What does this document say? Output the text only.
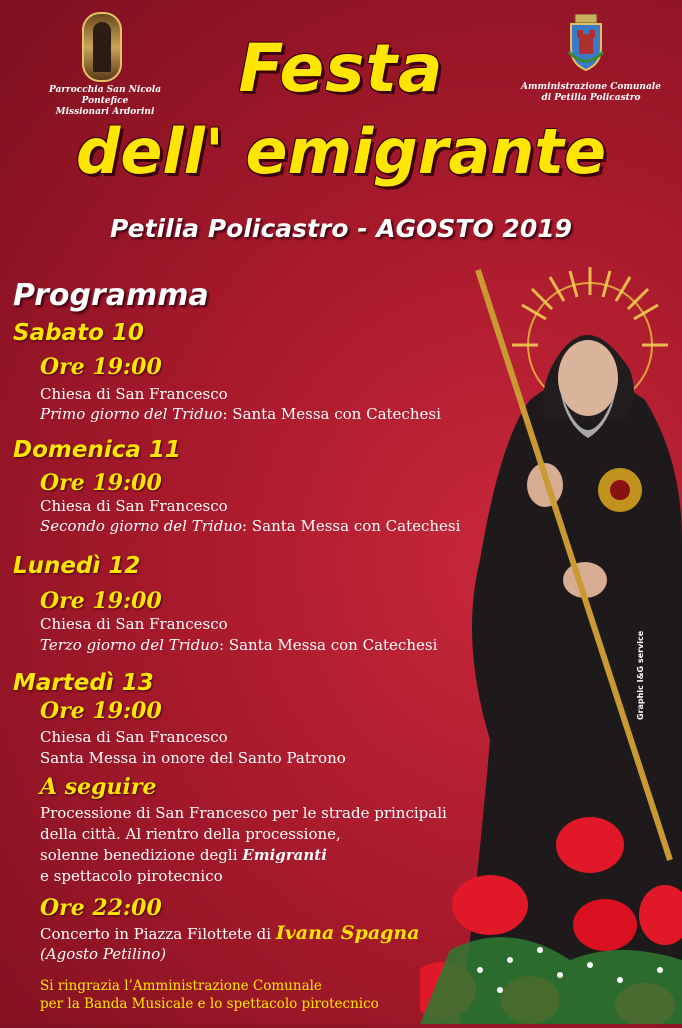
Parrocchia San Nicola Pontefice
Missionari Ardorini
Amministrazione Comunale
di Petilia Policastro
Festa
dell' emigrante
Petilia Policastro - AGOSTO 2019
Graphic I&G service
Programma
Sabato 10
Ore 19:00
Chiesa di San Francesco
Primo giorno del Triduo: Santa Messa con Catechesi
Domenica 11
Ore 19:00
Chiesa di San Francesco
Secondo giorno del Triduo: Santa Messa con Catechesi
Lunedì 12
Ore 19:00
Chiesa di San Francesco
Terzo giorno del Triduo: Santa Messa con Catechesi
Martedì 13
Ore 19:00
Chiesa di San Francesco
Santa Messa in onore del Santo Patrono
A seguire
Processione di San Francesco per le strade principali
della città. Al rientro della processione,
solenne benedizione degli Emigranti
e spettacolo pirotecnico
Ore 22:00
Concerto in Piazza Filottete di Ivana Spagna
(Agosto Petilino)
Si ringrazia l’Amministrazione Comunale
per la Banda Musicale e lo spettacolo pirotecnico
